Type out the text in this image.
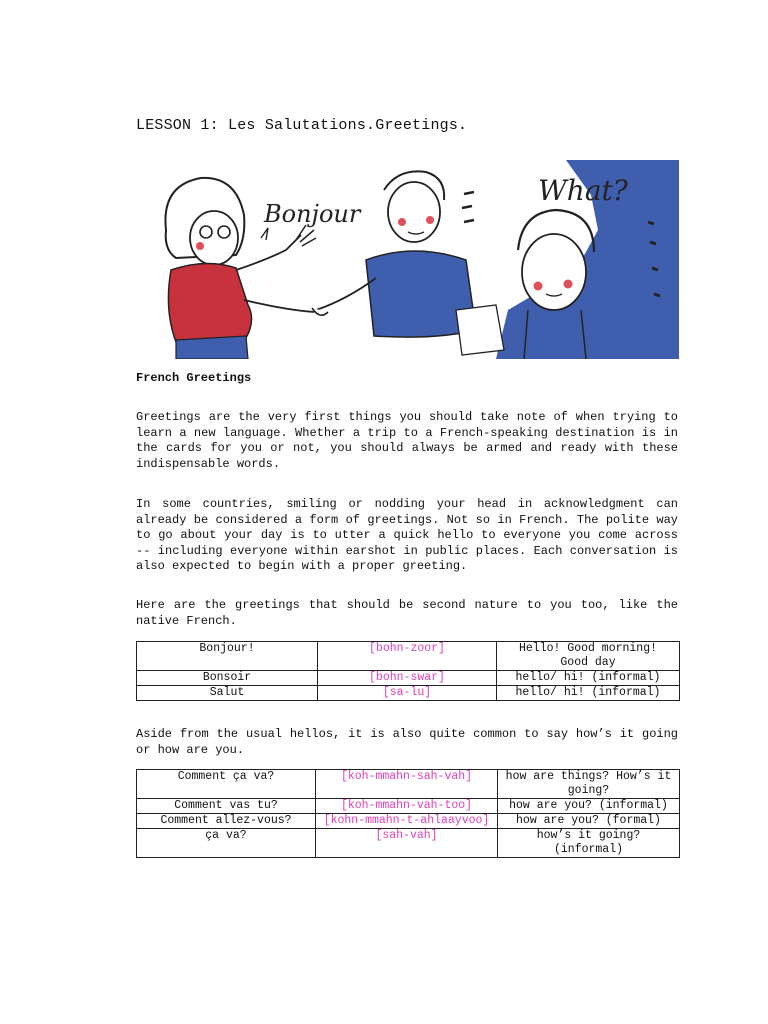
LESSON 1: Les Salutations.Greetings.
Bonjour
What?
French Greetings

Greetings are the very first things you should take note of when trying to learn a new language. Whether a trip to a French-speaking destination is in the cards for you or not, you should always be armed and ready with these indispensable words.

In some countries, smiling or nodding your head in acknowledgment can already be considered a form of greetings. Not so in French. The polite way to go about your day is to utter a quick hello to everyone you come across -- including everyone within earshot in public places. Each conversation is also expected to begin with a proper greeting.

Here are the greetings that should be second nature to you too, like the native French.

Bonjour!	[bohn-zoor]	Hello! Good morning! Good day
Bonsoir	[bohn-swar]	hello/ hi! (informal)
Salut	[sa-lu]	hello/ hi! (informal)

Aside from the usual hellos, it is also quite common to say how’s it going or how are you.

Comment ça va?	[koh-mmahn-sah-vah]	how are things? How’s it going?
Comment vas tu?	[koh-mmahn-vah-too]	how are you? (informal)
Comment allez-vous?	[kohn-mmahn-t-ahlaayvoo]	how are you? (formal)
ça va?	[sah-vah]	how’s it going? (informal)
